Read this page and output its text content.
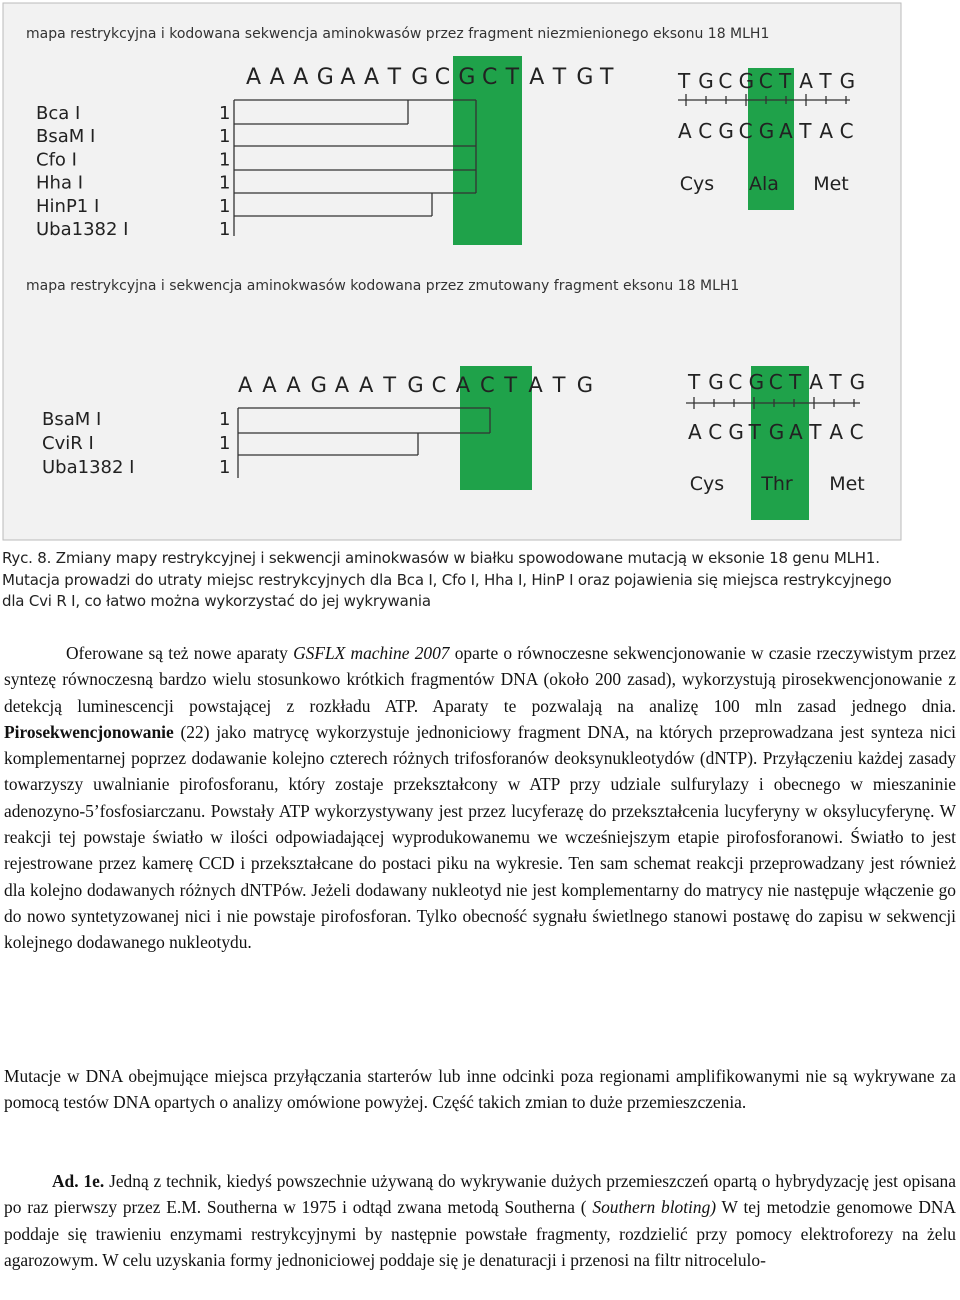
mapa restrykcyjna i kodowana sekwencja aminokwasów przez fragment niezmienionego eksonu 18 MLH1
A A A G A A T G C G C T A T G T
Bca I	1
BsaM I	1
Cfo I	1
Hha I	1
HinP1 I	1
Uba1382 I	1
T G C G C T A T G
A C G C G A T A C
Cys Ala Met
mapa restrykcyjna i sekwencja aminokwasów kodowana przez zmutowany fragment eksonu 18 MLH1
A A A G A A T G C A C T A T G
BsaM I	1
CviR I	1
Uba1382 I	1
T G C G C T A T G
A C G T G A T A C
Cys Thr Met
Ryc. 8. Zmiany mapy restrykcyjnej i sekwencji aminokwasów w białku spowodowane mutacją w eksonie 18 genu MLH1. Mutacja prowadzi do utraty miejsc restrykcyjnych dla Bca I, Cfo I, Hha I, HinP I oraz pojawienia się miejsca restrykcyjnego dla Cvi R I, co łatwo można wykorzystać do jej wykrywania
Oferowane są też nowe aparaty GSFLX machine 2007 oparte o równoczesne sekwencjonowanie w czasie rzeczywistym przez syntezę równoczesną bardzo wielu stosunkowo krótkich fragmentów DNA (około 200 zasad), wykorzystują pirosekwencjonowanie z detekcją luminescencji powstającej z rozkładu ATP. Aparaty te pozwalają na analizę 100 mln zasad jednego dnia. Pirosekwencjonowanie (22) jako matrycę wykorzystuje jednoniciowy fragment DNA, na których przeprowadzana jest synteza nici komplementarnej poprzez dodawanie kolejno czterech różnych trifosforanów deoksynukleotydów (dNTP). Przyłączeniu każdej zasady towarzyszy uwalnianie pirofosforanu, który zostaje przekształcony w ATP przy udziale sulfurylazy i obecnego w mieszaninie adenozyno-5’fosfosiarczanu. Powstały ATP wykorzystywany jest przez lucyferazę do przekształcenia lucyferyny w oksylucyferynę. W reakcji tej powstaje światło w ilości odpowiadającej wyprodukowanemu we wcześniejszym etapie pirofosforanowi. Światło to jest rejestrowane przez kamerę CCD i przekształcane do postaci piku na wykresie. Ten sam schemat reakcji przeprowadzany jest również dla kolejno dodawanych różnych dNTPów. Jeżeli dodawany nukleotyd nie jest komplementarny do matrycy nie następuje włączenie go do nowo syntetyzowanej nici i nie powstaje pirofosforan. Tylko obecność sygnału świetlnego stanowi postawę do zapisu w sekwencji kolejnego dodawanego nukleotydu.
Mutacje w DNA obejmujące miejsca przyłączania starterów lub inne odcinki poza regionami amplifikowanymi nie są wykrywane za pomocą testów DNA opartych o analizy omówione powyżej. Część takich zmian to duże przemieszczenia.
Ad. 1e. Jedną z technik, kiedyś powszechnie używaną do wykrywanie dużych przemieszczeń opartą o hybrydyzację jest opisana po raz pierwszy przez E.M. Southerna w 1975 i odtąd zwana metodą Southerna ( Southern bloting) W tej metodzie genomowe DNA poddaje się trawieniu enzymami restrykcyjnymi by następnie powstałe fragmenty, rozdzielić przy pomocy elektroforezy na żelu agarozowym. W celu uzyskania formy jednoniciowej poddaje się je denaturacji i przenosi na filtr nitrocelulo-
